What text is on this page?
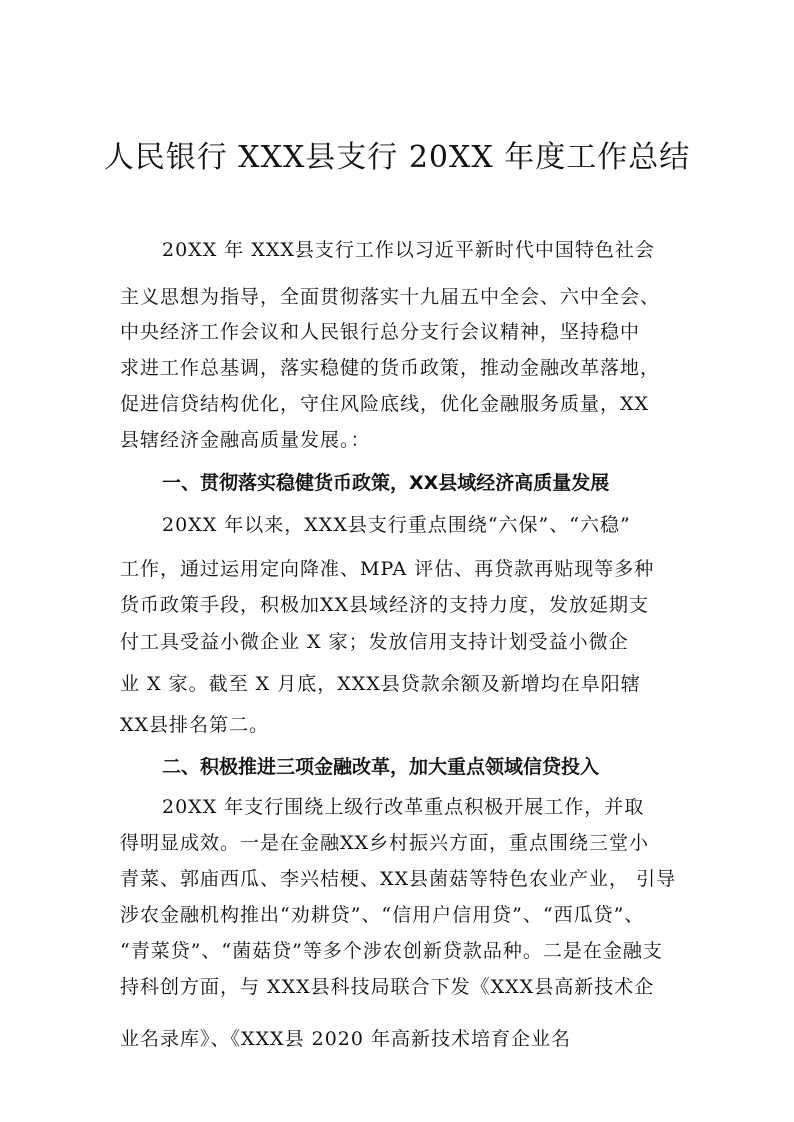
人民银行 XXX县支行 20XX 年度工作总结
20XX 年 XXX县支行工作以习近平新时代中国特色社会
主义思想为指导，全面贯彻落实十九届五中全会、六中全会、
中央经济工作会议和人民银行总分支行会议精神，坚持稳中
求进工作总基调，落实稳健的货币政策，推动金融改革落地，
促进信贷结构优化，守住风险底线，优化金融服务质量，XX
县辖经济金融高质量发展。：
一、贯彻落实稳健货币政策，XX县域经济高质量发展
20XX 年以来，XXX县支行重点围绕“六保”、“六稳”
工作，通过运用定向降准、MPA 评估、再贷款再贴现等多种
货币政策手段，积极加XX县域经济的支持力度，发放延期支
付工具受益小微企业 X 家；发放信用支持计划受益小微企
业 X 家。截至 X 月底，XXX县贷款余额及新增均在阜阳辖
XX县排名第二。
二、积极推进三项金融改革，加大重点领域信贷投入
20XX 年支行围绕上级行改革重点积极开展工作，并取
得明显成效。一是在金融XX乡村振兴方面，重点围绕三堂小
青菜、郭庙西瓜、李兴桔梗、XX县菌菇等特色农业产业， 引导
涉农金融机构推出“劝耕贷”、“信用户信用贷”、“西瓜贷”、
“青菜贷”、“菌菇贷”等多个涉农创新贷款品种。二是在金融支
持科创方面，与 XXX县科技局联合下发《XXX县高新技术企
业名录库》、《XXX县 2020 年高新技术培育企业名
